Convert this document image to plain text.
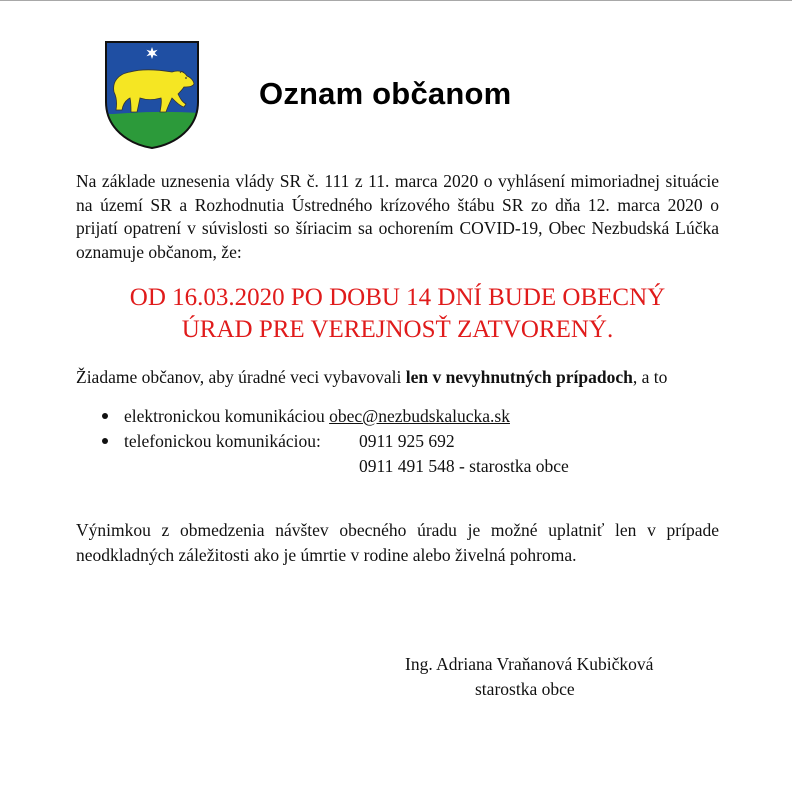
Oznam občanom

Na základe uznesenia vlády SR č. 111 z 11. marca 2020 o vyhlásení mimoriadnej situácie na území SR a Rozhodnutia Ústredného krízového štábu SR zo dňa 12. marca 2020 o prijatí opatrení v súvislosti so šíriacim sa ochorením COVID-19, Obec Nezbudská Lúčka oznamuje občanom, že:

OD 16.03.2020 PO DOBU 14 DNÍ BUDE OBECNÝ
ÚRAD PRE VEREJNOSŤ ZATVORENÝ.
Žiadame občanov, aby úradné veci vybavovali len v nevyhnutných prípadoch, a to
elektronickou komunikáciou obec@nezbudskalucka.sk
telefonickou komunikáciou: 0911 925 692
0911 491 548 - starostka obce

Výnimkou z obmedzenia návštev obecného úradu je možné uplatniť len v prípade neodkladných záležitosti ako je úmrtie v rodine alebo živelná pohroma.

Ing. Adriana Vraňanová Kubičková
starostka obce
